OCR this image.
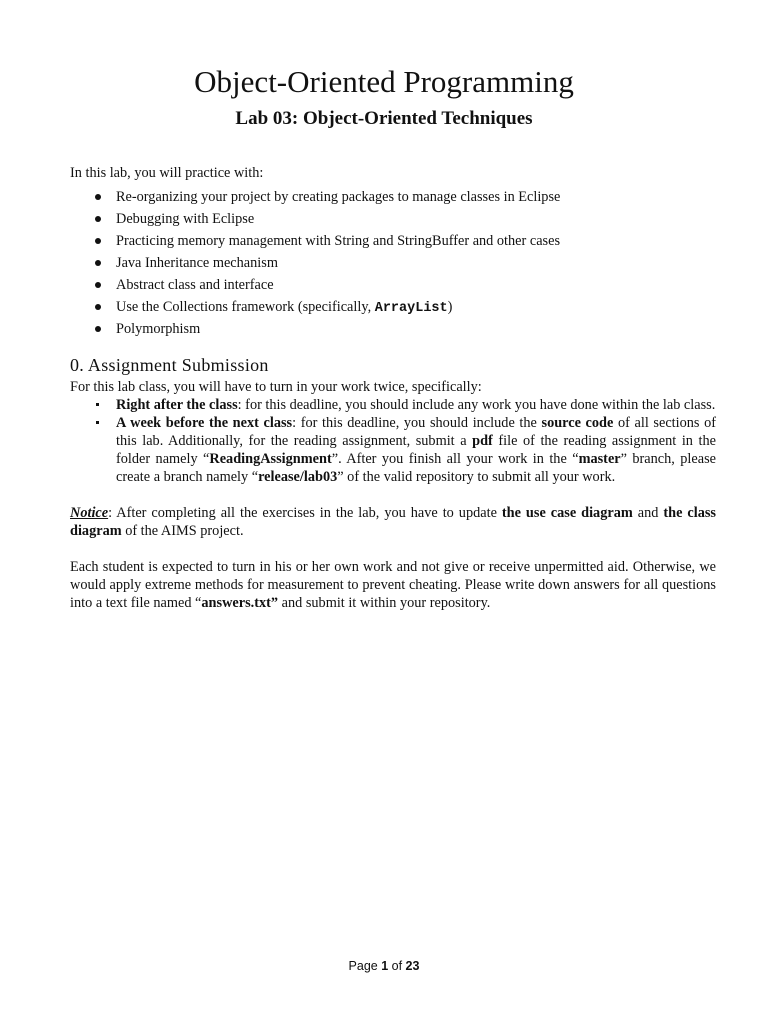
Object-Oriented Programming
Lab 03: Object-Oriented Techniques

In this lab, you will practice with:

Re-organizing your project by creating packages to manage classes in Eclipse
Debugging with Eclipse
Practicing memory management with String and StringBuffer and other cases
Java Inheritance mechanism
Abstract class and interface
Use the Collections framework (specifically, ArrayList)
Polymorphism
0. Assignment Submission

For this lab class, you will have to turn in your work twice, specifically:

Right after the class: for this deadline, you should include any work you have done within the lab class.
A week before the next class: for this deadline, you should include the source code of all sections of this lab. Additionally, for the reading assignment, submit a pdf file of the reading assignment in the folder namely “ReadingAssignment”. After you finish all your work in the “master” branch, please create a branch namely “release/lab03” of the valid repository to submit all your work.

Notice: After completing all the exercises in the lab, you have to update the use case diagram and the class diagram of the AIMS project.

Each student is expected to turn in his or her own work and not give or receive unpermitted aid. Otherwise, we would apply extreme methods for measurement to prevent cheating. Please write down answers for all questions into a text file named “answers.txt” and submit it within your repository.

Page 1 of 23
